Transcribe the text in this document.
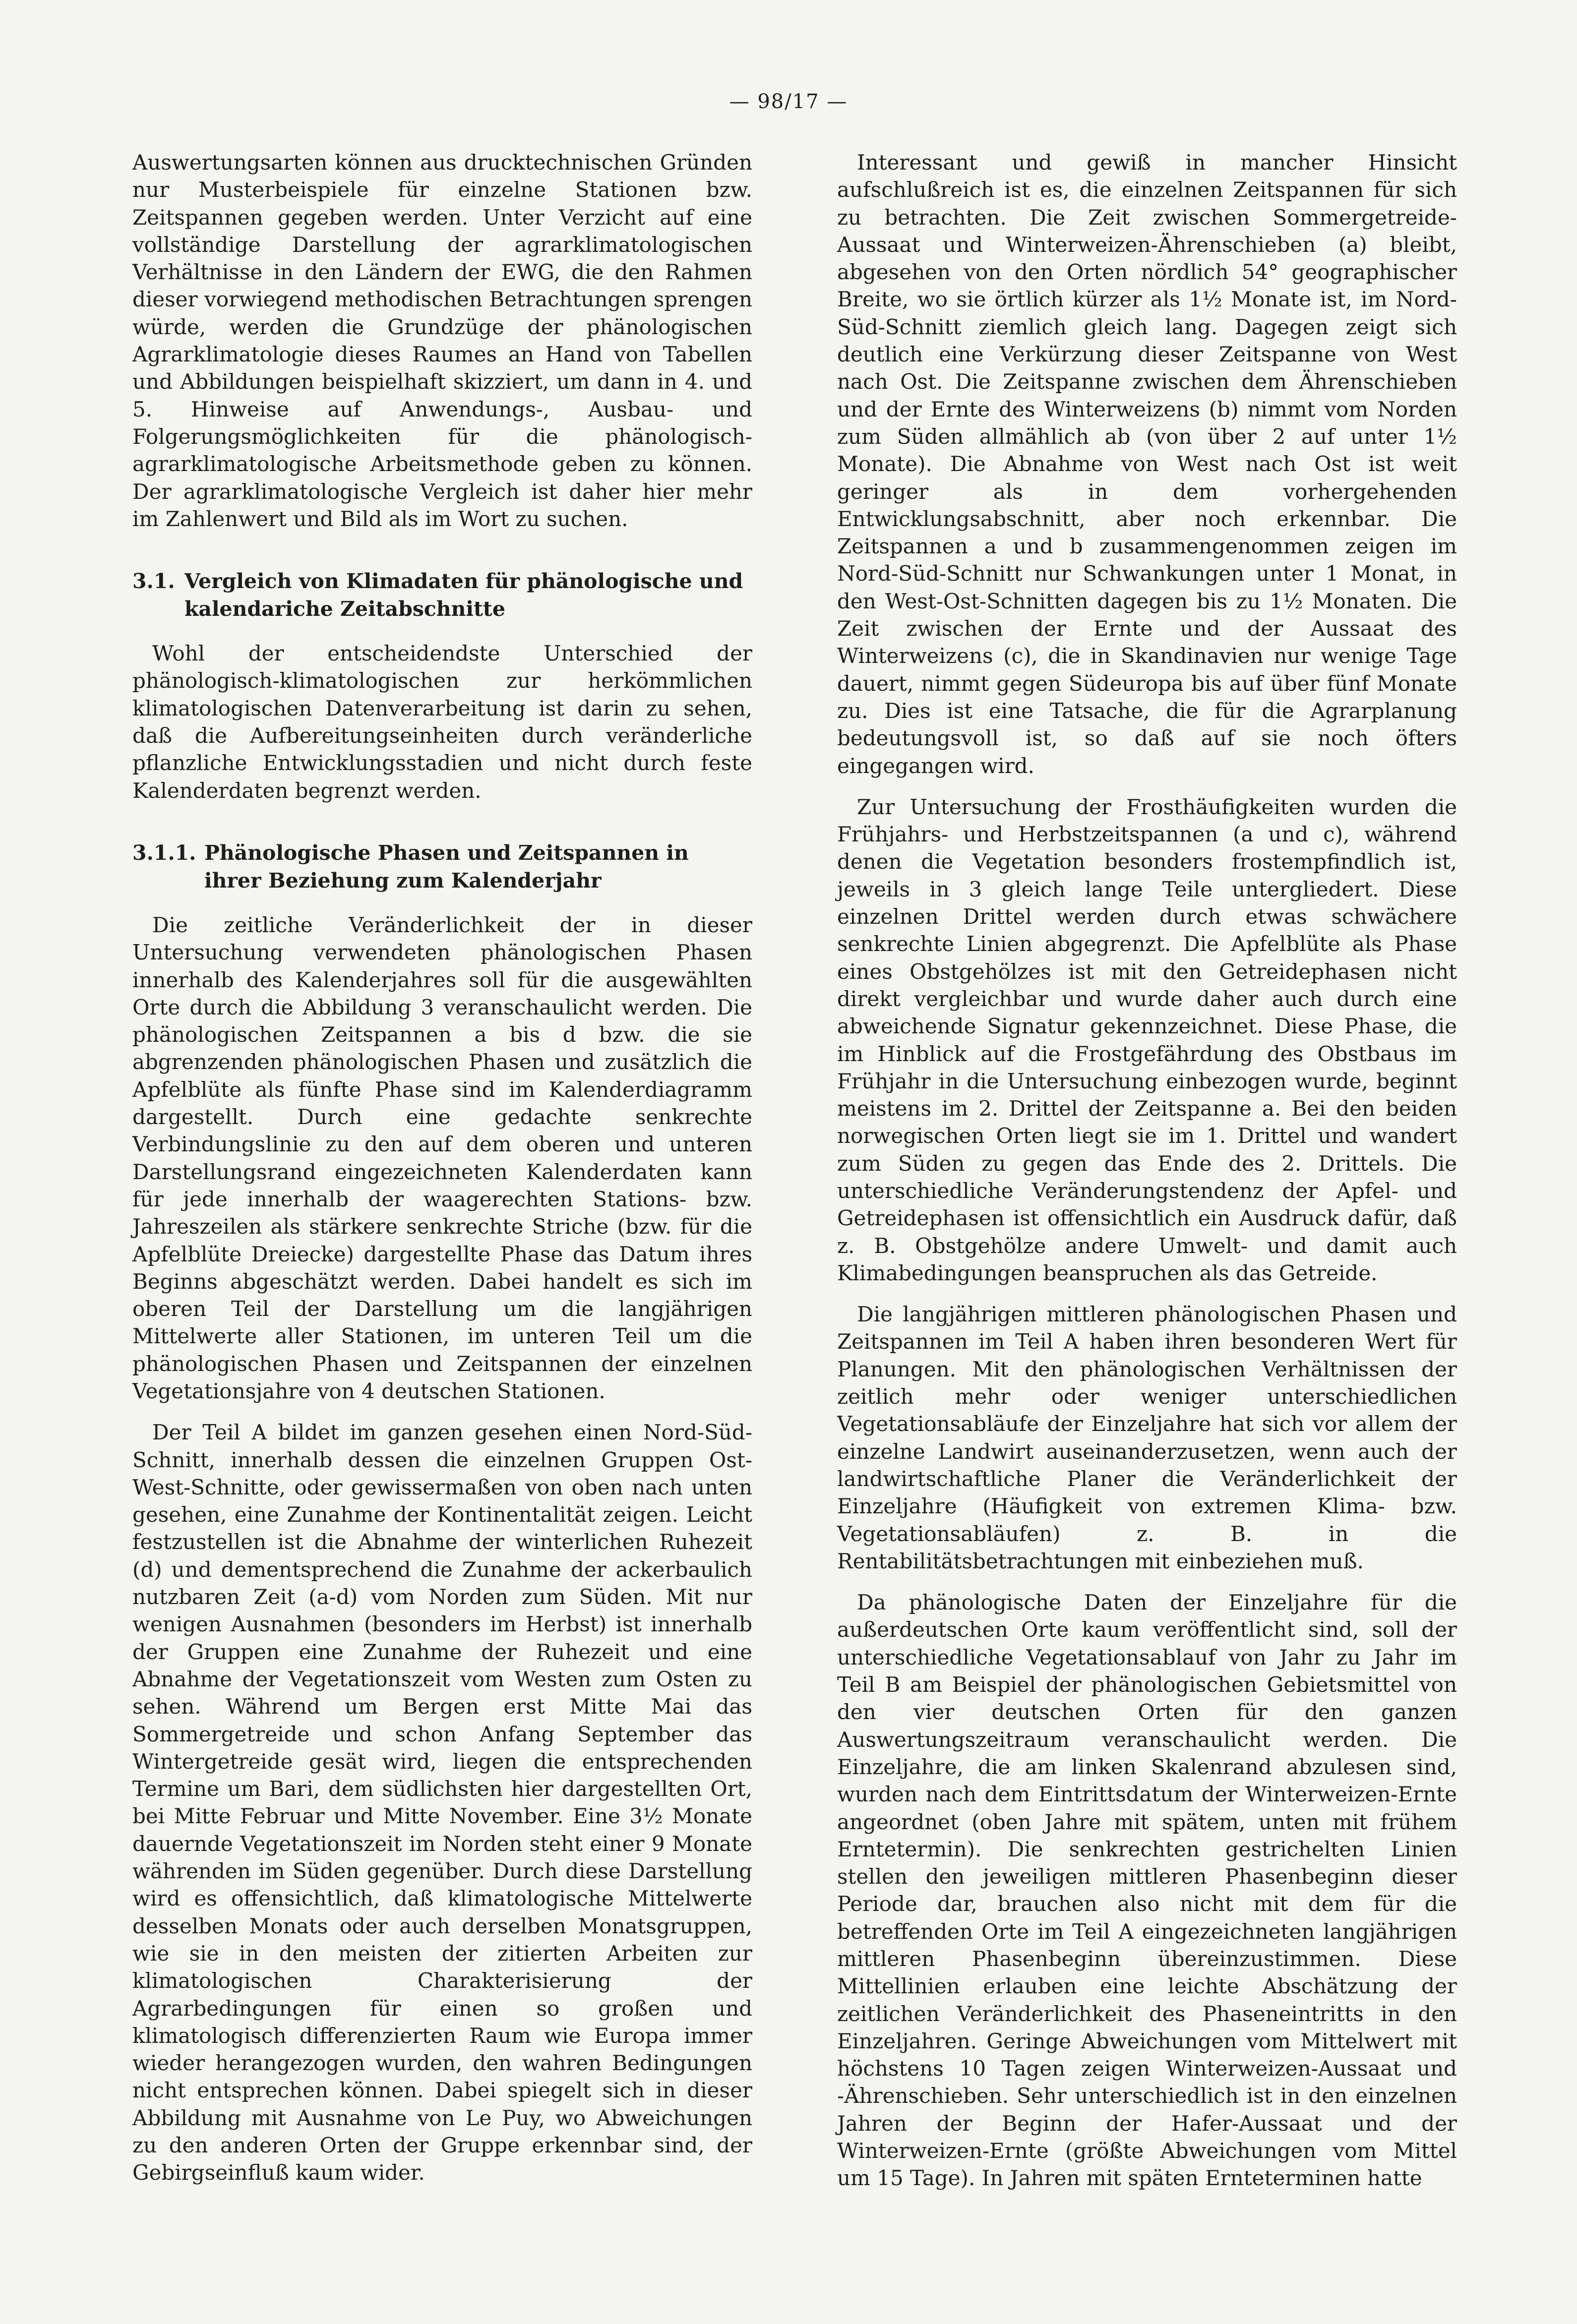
— 98/17 —

Auswertungsarten können aus drucktechnischen Gründen nur Musterbeispiele für einzelne Stationen bzw. Zeitspannen gegeben werden. Unter Verzicht auf eine vollständige Darstellung der agrarklimatologischen Verhältnisse in den Ländern der EWG, die den Rahmen dieser vorwiegend methodischen Betrachtungen sprengen würde, werden die Grundzüge der phänologischen Agrarklimatologie dieses Raumes an Hand von Tabellen und Abbildungen beispielhaft skizziert, um dann in 4. und 5. Hinweise auf Anwendungs-, Ausbau- und Folgerungsmöglichkeiten für die phänologisch-agrarklimatologische Arbeitsmethode geben zu können. Der agrarklimatologische Vergleich ist daher hier mehr im Zahlenwert und Bild als im Wort zu suchen.

3.1. Vergleich von Klimadaten für phänologische und kalendariche Zeitabschnitte

Wohl der entscheidendste Unterschied der phänologisch-klimatologischen zur herkömmlichen klimatologischen Datenverarbeitung ist darin zu sehen, daß die Aufbereitungseinheiten durch veränderliche pflanzliche Entwicklungsstadien und nicht durch feste Kalenderdaten begrenzt werden.

3.1.1. Phänologische Phasen und Zeitspannen in ihrer Beziehung zum Kalenderjahr

Die zeitliche Veränderlichkeit der in dieser Untersuchung verwendeten phänologischen Phasen innerhalb des Kalenderjahres soll für die ausgewählten Orte durch die Abbildung 3 veranschaulicht werden. Die phänologischen Zeitspannen a bis d bzw. die sie abgrenzenden phänologischen Phasen und zusätzlich die Apfelblüte als fünfte Phase sind im Kalenderdiagramm dargestellt. Durch eine gedachte senkrechte Verbindungslinie zu den auf dem oberen und unteren Darstellungsrand eingezeichneten Kalenderdaten kann für jede innerhalb der waagerechten Stations- bzw. Jahreszeilen als stärkere senkrechte Striche (bzw. für die Apfelblüte Dreiecke) dargestellte Phase das Datum ihres Beginns abgeschätzt werden. Dabei handelt es sich im oberen Teil der Darstellung um die langjährigen Mittelwerte aller Stationen, im unteren Teil um die phänologischen Phasen und Zeitspannen der einzelnen Vegetationsjahre von 4 deutschen Stationen.

Der Teil A bildet im ganzen gesehen einen Nord-Süd-Schnitt, innerhalb dessen die einzelnen Gruppen Ost-West-Schnitte, oder gewissermaßen von oben nach unten gesehen, eine Zunahme der Kontinentalität zeigen. Leicht festzustellen ist die Abnahme der winterlichen Ruhezeit (d) und dementsprechend die Zunahme der ackerbaulich nutzbaren Zeit (a-d) vom Norden zum Süden. Mit nur wenigen Ausnahmen (besonders im Herbst) ist innerhalb der Gruppen eine Zunahme der Ruhezeit und eine Abnahme der Vegetationszeit vom Westen zum Osten zu sehen. Während um Bergen erst Mitte Mai das Sommergetreide und schon Anfang September das Wintergetreide gesät wird, liegen die entsprechenden Termine um Bari, dem südlichsten hier dargestellten Ort, bei Mitte Februar und Mitte November. Eine 3½ Monate dauernde Vegetationszeit im Norden steht einer 9 Monate währenden im Süden gegenüber. Durch diese Darstellung wird es offensichtlich, daß klimatologische Mittelwerte desselben Monats oder auch derselben Monatsgruppen, wie sie in den meisten der zitierten Arbeiten zur klimatologischen Charakterisierung der Agrarbedingungen für einen so großen und klimatologisch differenzierten Raum wie Europa immer wieder herangezogen wurden, den wahren Bedingungen nicht entsprechen können. Dabei spiegelt sich in dieser Abbildung mit Ausnahme von Le Puy, wo Abweichungen zu den anderen Orten der Gruppe erkennbar sind, der Gebirgseinfluß kaum wider.

Interessant und gewiß in mancher Hinsicht aufschlußreich ist es, die einzelnen Zeitspannen für sich zu betrachten. Die Zeit zwischen Sommergetreide-Aussaat und Winterweizen-Ährenschieben (a) bleibt, abgesehen von den Orten nördlich 54° geographischer Breite, wo sie örtlich kürzer als 1½ Monate ist, im Nord-Süd-Schnitt ziemlich gleich lang. Dagegen zeigt sich deutlich eine Verkürzung dieser Zeitspanne von West nach Ost. Die Zeitspanne zwischen dem Ährenschieben und der Ernte des Winterweizens (b) nimmt vom Norden zum Süden allmählich ab (von über 2 auf unter 1½ Monate). Die Abnahme von West nach Ost ist weit geringer als in dem vorhergehenden Entwicklungsabschnitt, aber noch erkennbar. Die Zeitspannen a und b zusammengenommen zeigen im Nord-Süd-Schnitt nur Schwankungen unter 1 Monat, in den West-Ost-Schnitten dagegen bis zu 1½ Monaten. Die Zeit zwischen der Ernte und der Aussaat des Winterweizens (c), die in Skandinavien nur wenige Tage dauert, nimmt gegen Südeuropa bis auf über fünf Monate zu. Dies ist eine Tatsache, die für die Agrarplanung bedeutungsvoll ist, so daß auf sie noch öfters eingegangen wird.

Zur Untersuchung der Frosthäufigkeiten wurden die Frühjahrs- und Herbstzeitspannen (a und c), während denen die Vegetation besonders frostempfindlich ist, jeweils in 3 gleich lange Teile untergliedert. Diese einzelnen Drittel werden durch etwas schwächere senkrechte Linien abgegrenzt. Die Apfelblüte als Phase eines Obstgehölzes ist mit den Getreidephasen nicht direkt vergleichbar und wurde daher auch durch eine abweichende Signatur gekennzeichnet. Diese Phase, die im Hinblick auf die Frostgefährdung des Obstbaus im Frühjahr in die Untersuchung einbezogen wurde, beginnt meistens im 2. Drittel der Zeitspanne a. Bei den beiden norwegischen Orten liegt sie im 1. Drittel und wandert zum Süden zu gegen das Ende des 2. Drittels. Die unterschiedliche Veränderungstendenz der Apfel- und Getreidephasen ist offensichtlich ein Ausdruck dafür, daß z. B. Obstgehölze andere Umwelt- und damit auch Klimabedingungen beanspruchen als das Getreide.

Die langjährigen mittleren phänologischen Phasen und Zeitspannen im Teil A haben ihren besonderen Wert für Planungen. Mit den phänologischen Verhältnissen der zeitlich mehr oder weniger unterschiedlichen Vegetationsabläufe der Einzeljahre hat sich vor allem der einzelne Landwirt auseinanderzusetzen, wenn auch der landwirtschaftliche Planer die Veränderlichkeit der Einzeljahre (Häufigkeit von extremen Klima- bzw. Vegetationsabläufen) z. B. in die Rentabilitätsbetrachtungen mit einbeziehen muß.

Da phänologische Daten der Einzeljahre für die außerdeutschen Orte kaum veröffentlicht sind, soll der unterschiedliche Vegetationsablauf von Jahr zu Jahr im Teil B am Beispiel der phänologischen Gebietsmittel von den vier deutschen Orten für den ganzen Auswertungszeitraum veranschaulicht werden. Die Einzeljahre, die am linken Skalenrand abzulesen sind, wurden nach dem Eintrittsdatum der Winterweizen-Ernte angeordnet (oben Jahre mit spätem, unten mit frühem Erntetermin). Die senkrechten gestrichelten Linien stellen den jeweiligen mittleren Phasenbeginn dieser Periode dar, brauchen also nicht mit dem für die betreffenden Orte im Teil A eingezeichneten langjährigen mittleren Phasenbeginn übereinzustimmen. Diese Mittellinien erlauben eine leichte Abschätzung der zeitlichen Veränderlichkeit des Phaseneintritts in den Einzeljahren. Geringe Abweichungen vom Mittelwert mit höchstens 10 Tagen zeigen Winterweizen-Aussaat und -Ährenschieben. Sehr unterschiedlich ist in den einzelnen Jahren der Beginn der Hafer-Aussaat und der Winterweizen-Ernte (größte Abweichungen vom Mittel um 15 Tage). In Jahren mit späten Ernteterminen hatte
